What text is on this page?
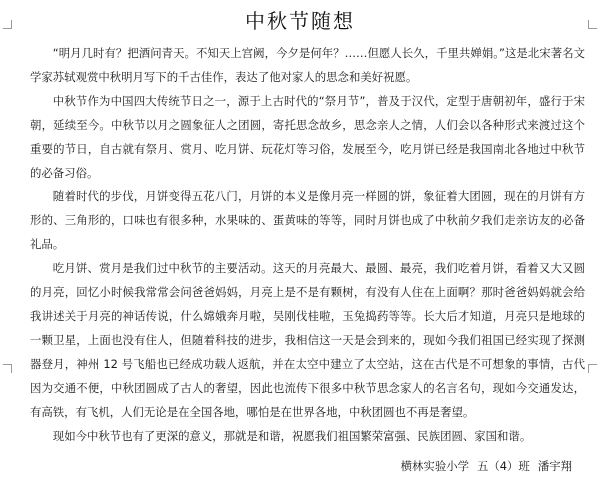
中秋节随想

“明月几时有？把酒问青天。不知天上宫阙，今夕是何年？……但愿人长久，千里共婵娟。”这是北宋著名文学家苏轼观赏中秋明月写下的千古佳作，表达了他对家人的思念和美好祝愿。

中秋节作为中国四大传统节日之一，源于上古时代的“祭月节”，普及于汉代，定型于唐朝初年，盛行于宋朝，延续至今。中秋节以月之圆象征人之团圆，寄托思念故乡，思念亲人之情，人们会以各种形式来渡过这个重要的节日，自古就有祭月、赏月、吃月饼、玩花灯等习俗，发展至今，吃月饼已经是我国南北各地过中秋节的必备习俗。

随着时代的步伐，月饼变得五花八门，月饼的本义是像月亮一样圆的饼，象征着大团圆，现在的月饼有方形的、三角形的，口味也有很多种，水果味的、蛋黄味的等等，同时月饼也成了中秋前夕我们走亲访友的必备礼品。

吃月饼、赏月是我们过中秋节的主要活动。这天的月亮最大、最圆、最亮，我们吃着月饼，看着又大又圆的月亮，回忆小时候我常常会问爸爸妈妈，月亮上是不是有颗树，有没有人住在上面啊？那时爸爸妈妈就会给我讲述关于月亮的神话传说，什么嫦娥奔月啦，吴刚伐桂啦，玉兔捣药等等。长大后才知道，月亮只是地球的一颗卫星，上面也没有住人，但随着科技的进步，我相信这一天是会到来的，现如今我们祖国已经实现了探测器登月，神州 12 号飞船也已经成功载人返航，并在太空中建立了太空站，这在古代是不可想象的事情，古代因为交通不便，中秋团圆成了古人的奢望，因此也流传下很多中秋节思念家人的名言名句，现如今交通发达，有高铁，有飞机，人们无论是在全国各地，哪怕是在世界各地，中秋团圆也不再是奢望。

现如今中秋节也有了更深的意义，那就是和谐，祝愿我们祖国繁荣富强、民族团圆、家国和谐。

横林实验小学 五（4）班 潘宇翔
